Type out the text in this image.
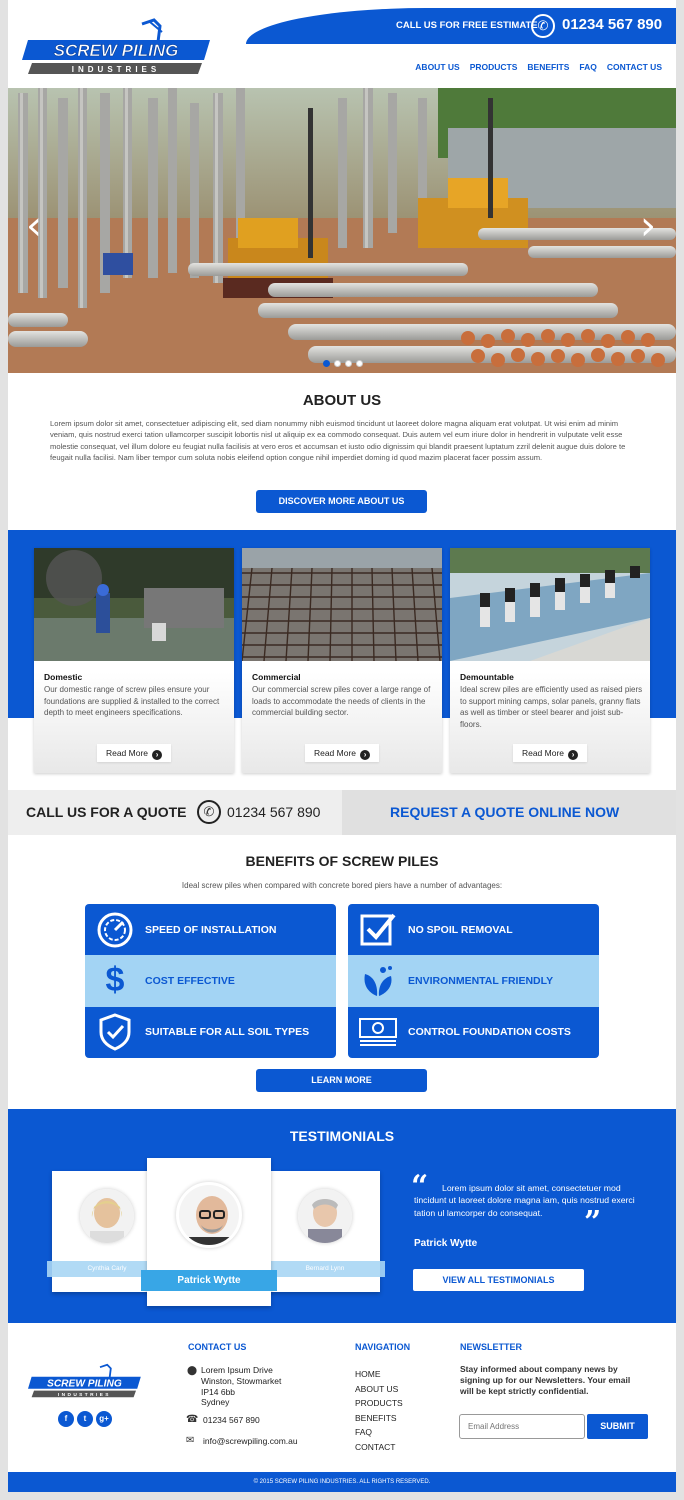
CALL US FOR FREE ESTIMATE ✆ 01234 567 890
SCREW PILING
INDUSTRIES	ABOUT US PRODUCTS BENEFITS FAQ CONTACT US
‹	›
ABOUT US
Lorem ipsum dolor sit amet, consectetuer adipiscing elit, sed diam nonummy nibh euismod tincidunt ut laoreet dolore magna aliquam erat volutpat. Ut wisi enim ad minim veniam, quis nostrud exerci tation ullamcorper suscipit lobortis nisl ut aliquip ex ea commodo consequat. Duis autem vel eum iriure dolor in hendrerit in vulputate velit esse molestie consequat, vel illum dolore eu feugiat nulla facilisis at vero eros et accumsan et iusto odio dignissim qui blandit praesent luptatum zzril delenit augue duis dolore te feugait nulla facilisi. Nam liber tempor cum soluta nobis eleifend option congue nihil imperdiet doming id quod mazim placerat facer possim assum.
DISCOVER MORE ABOUT US
Domestic
Our domestic range of screw piles ensure your foundations are supplied & installed to the correct depth to meet engineers specifications.
Read More ›
Commercial
Our commercial screw piles cover a large range of loads to accommodate the needs of clients in the commercial building sector.
Read More ›
Demountable
Ideal screw piles are efficiently used as raised piers to support mining camps, solar panels, granny flats as well as timber or steel bearer and joist sub-floors.
Read More ›
CALL US FOR A QUOTE	✆ 01234 567 890	REQUEST A QUOTE ONLINE NOW
BENEFITS OF SCREW PILES
Ideal screw piles when compared with concrete bored piers have a number of advantages:
SPEED OF INSTALLATION
$ COST EFFECTIVE
SUITABLE FOR ALL SOIL TYPES
NO SPOIL REMOVAL
ENVIRONMENTAL FRIENDLY
CONTROL FOUNDATION COSTS
LEARN MORE
TESTIMONIALS
Cynthia Carly	Bernard Lynn
Patrick Wytte
“	Lorem ipsum dolor sit amet, consectetuer mod tincidunt ut laoreet dolore magna iam, quis nostrud exerci tation ul lamcorper do consequat.	”
Patrick Wytte
VIEW ALL TESTIMONIALS
SCREW PILING
INDUSTRIES
f	t	g+
CONTACT US
⬤ Lorem Ipsum Drive
Winston, Stowmarket
IP14 6bb
Sydney
☎ 01234 567 890
✉ info@screwpiling.com.au
NAVIGATION
HOME
ABOUT US
PRODUCTS
BENEFITS
FAQ
CONTACT
NEWSLETTER
Stay informed about company news by signing up for our Newsletters. Your email will be kept strictly confidential.
Email Address
SUBMIT
© 2015 SCREW PILING INDUSTRIES. ALL RIGHTS RESERVED.
